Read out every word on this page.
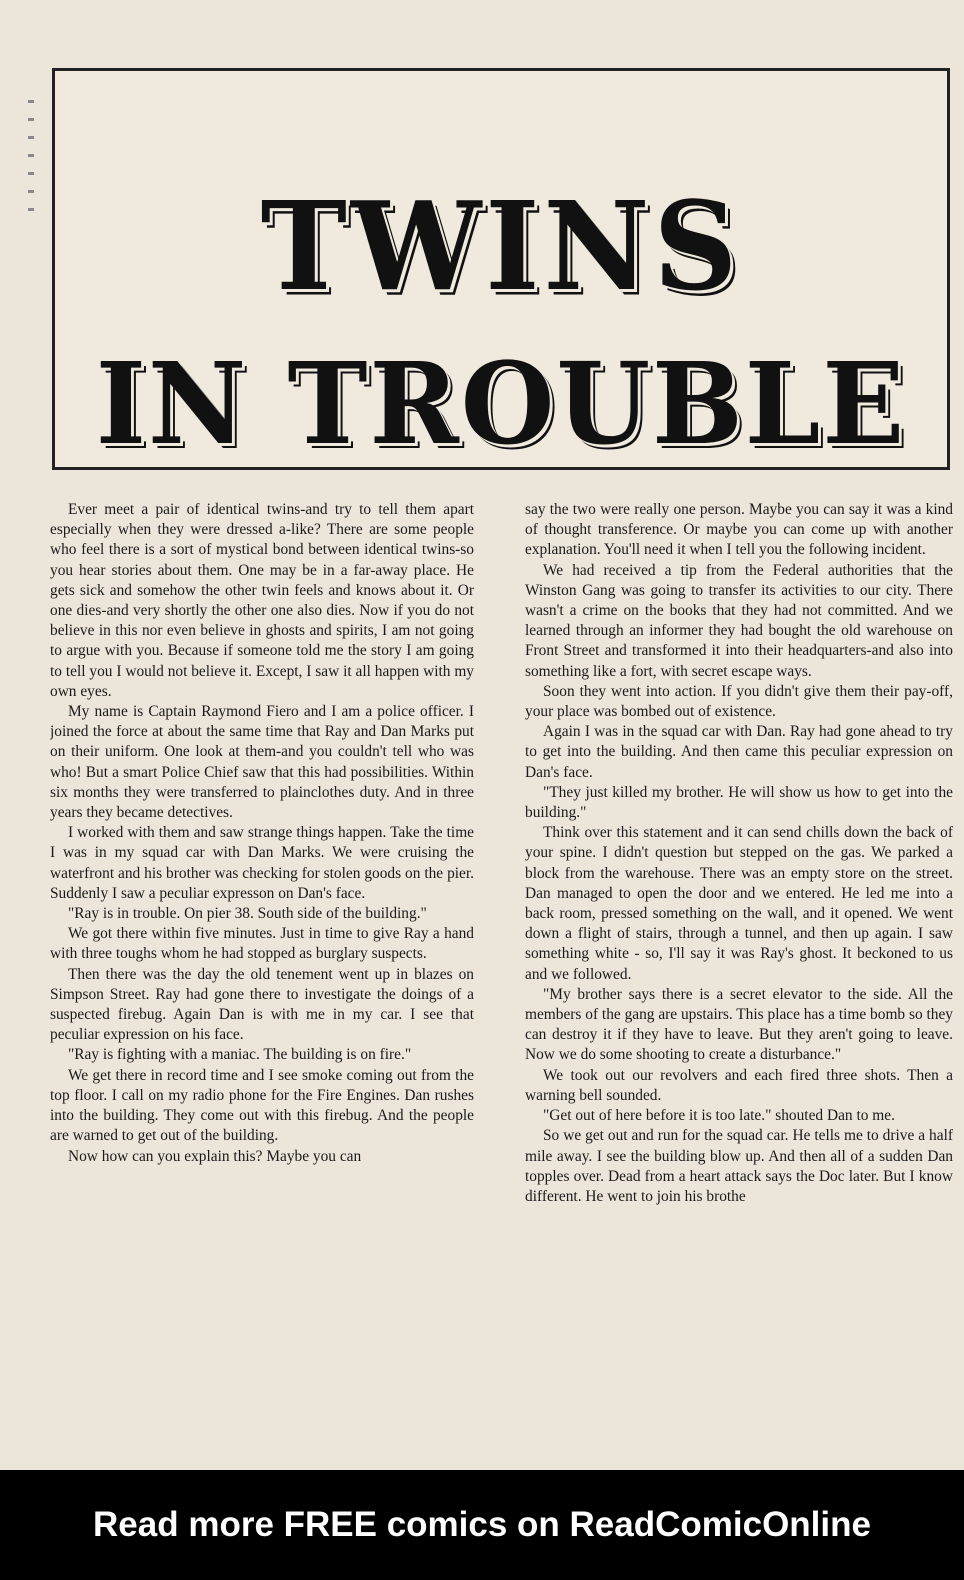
TWINS
IN TROUBLE

Ever meet a pair of identical twins-and try to tell them apart especially when they were dressed a-like? There are some people who feel there is a sort of mystical bond between identical twins-so you hear stories about them. One may be in a far-away place. He gets sick and somehow the other twin feels and knows about it. Or one dies-and very shortly the other one also dies. Now if you do not believe in this nor even believe in ghosts and spirits, I am not going to argue with you. Because if someone told me the story I am going to tell you I would not believe it. Except, I saw it all happen with my own eyes.

My name is Captain Raymond Fiero and I am a police officer. I joined the force at about the same time that Ray and Dan Marks put on their uniform. One look at them-and you couldn't tell who was who! But a smart Police Chief saw that this had possibilities. Within six months they were transferred to plainclothes duty. And in three years they became detectives.

I worked with them and saw strange things happen. Take the time I was in my squad car with Dan Marks. We were cruising the waterfront and his brother was checking for stolen goods on the pier. Suddenly I saw a peculiar expresson on Dan's face.

"Ray is in trouble. On pier 38. South side of the building."

We got there within five minutes. Just in time to give Ray a hand with three toughs whom he had stopped as burglary suspects.

Then there was the day the old tenement went up in blazes on Simpson Street. Ray had gone there to investigate the doings of a suspected firebug. Again Dan is with me in my car. I see that peculiar expression on his face.

"Ray is fighting with a maniac. The building is on fire."

We get there in record time and I see smoke coming out from the top floor. I call on my radio phone for the Fire Engines. Dan rushes into the building. They come out with this firebug. And the people are warned to get out of the building.

Now how can you explain this? Maybe you can

say the two were really one person. Maybe you can say it was a kind of thought transference. Or maybe you can come up with another explanation. You'll need it when I tell you the following incident.

We had received a tip from the Federal authorities that the Winston Gang was going to transfer its activities to our city. There wasn't a crime on the books that they had not committed. And we learned through an informer they had bought the old warehouse on Front Street and transformed it into their headquarters-and also into something like a fort, with secret escape ways.

Soon they went into action. If you didn't give them their pay-off, your place was bombed out of existence.

Again I was in the squad car with Dan. Ray had gone ahead to try to get into the building. And then came this peculiar expression on Dan's face.

"They just killed my brother. He will show us how to get into the building."

Think over this statement and it can send chills down the back of your spine. I didn't question but stepped on the gas. We parked a block from the warehouse. There was an empty store on the street. Dan managed to open the door and we entered. He led me into a back room, pressed something on the wall, and it opened. We went down a flight of stairs, through a tunnel, and then up again. I saw something white - so, I'll say it was Ray's ghost. It beckoned to us and we followed.

"My brother says there is a secret elevator to the side. All the members of the gang are upstairs. This place has a time bomb so they can destroy it if they have to leave. But they aren't going to leave. Now we do some shooting to create a disturbance."

We took out our revolvers and each fired three shots. Then a warning bell sounded.

"Get out of here before it is too late." shouted Dan to me.

So we get out and run for the squad car. He tells me to drive a half mile away. I see the building blow up. And then all of a sudden Dan topples over. Dead from a heart attack says the Doc later. But I know different. He went to join his brothe

Read more FREE comics on ReadComicOnline
